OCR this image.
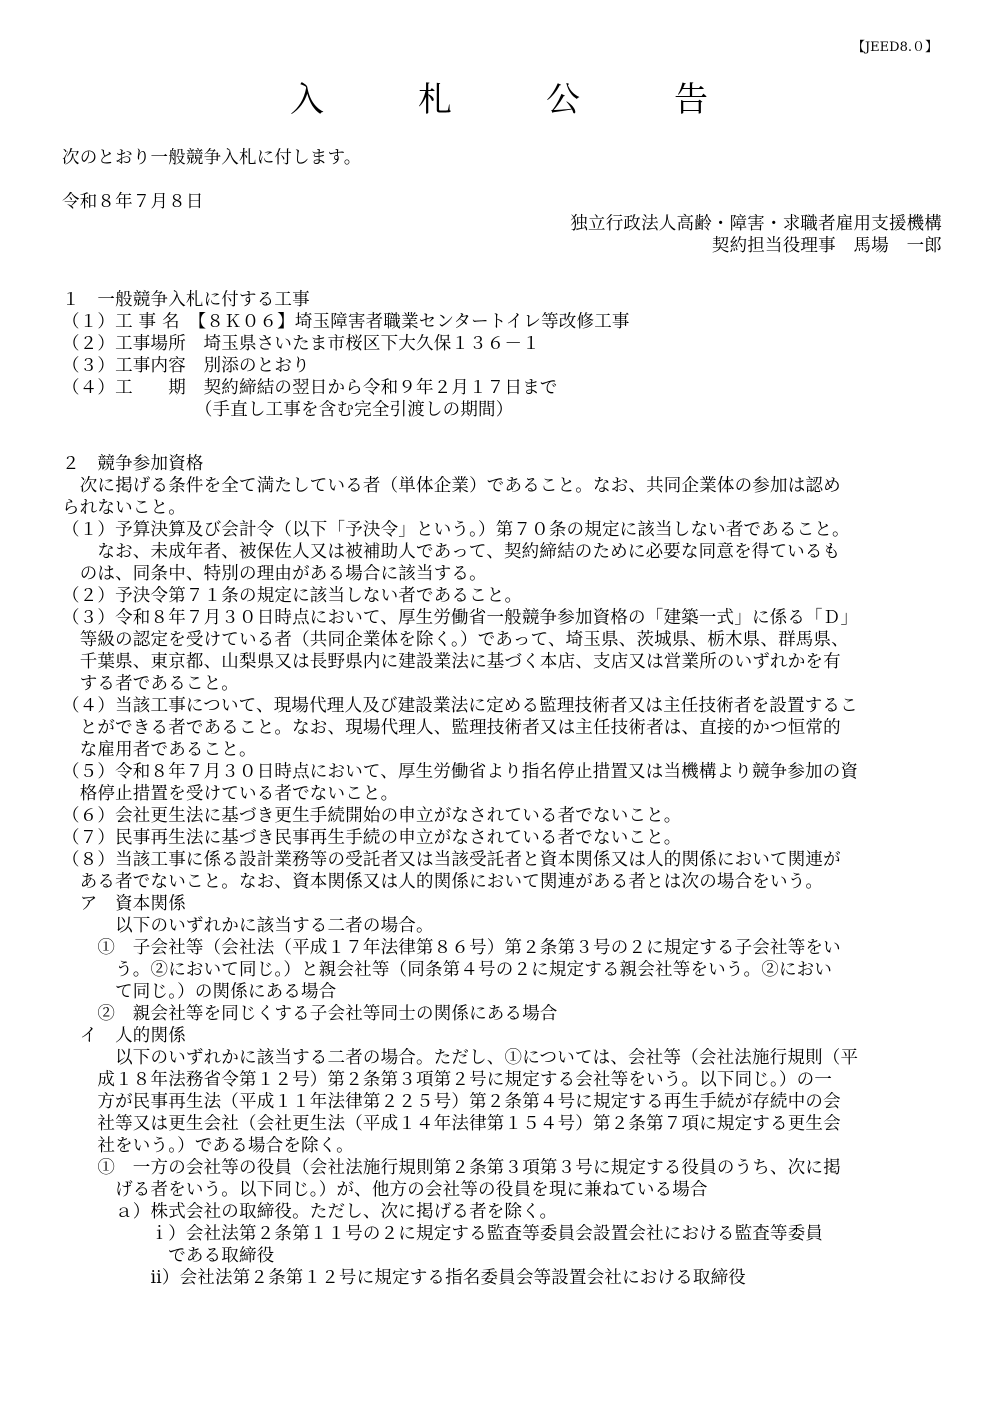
【JEED8.０】
入　札　公　告
次のとおり一般競争入札に付します。
令和８年７月８日
独立行政法人高齢・障害・求職者雇用支援機構
契約担当役理事　馬場　一郎
１　一般競争入札に付する工事
（１）工 事 名　【８Ｋ０６】埼玉障害者職業センタートイレ等改修工事
（２）工事場所　埼玉県さいたま市桜区下大久保１３６－１
（３）工事内容　別添のとおり
（４）工　　期　契約締結の翌日から令和９年２月１７日まで
　　　　　　　　（手直し工事を含む完全引渡しの期間）
２　競争参加資格
　次に掲げる条件を全て満たしている者（単体企業）であること。なお、共同企業体の参加は認め
られないこと。
（１）予算決算及び会計令（以下「予決令」という。）第７０条の規定に該当しない者であること。
　　なお、未成年者、被保佐人又は被補助人であって、契約締結のために必要な同意を得ているも
　のは、同条中、特別の理由がある場合に該当する。
（２）予決令第７１条の規定に該当しない者であること。
（３）令和８年７月３０日時点において、厚生労働省一般競争参加資格の「建築一式」に係る「Ｄ」
　等級の認定を受けている者（共同企業体を除く。）であって、埼玉県、茨城県、栃木県、群馬県、
　千葉県、東京都、山梨県又は長野県内に建設業法に基づく本店、支店又は営業所のいずれかを有
　する者であること。
（４）当該工事について、現場代理人及び建設業法に定める監理技術者又は主任技術者を設置するこ
　とができる者であること。なお、現場代理人、監理技術者又は主任技術者は、直接的かつ恒常的
　な雇用者であること。
（５）令和８年７月３０日時点において、厚生労働省より指名停止措置又は当機構より競争参加の資
　格停止措置を受けている者でないこと。
（６）会社更生法に基づき更生手続開始の申立がなされている者でないこと。
（７）民事再生法に基づき民事再生手続の申立がなされている者でないこと。
（８）当該工事に係る設計業務等の受託者又は当該受託者と資本関係又は人的関係において関連が
　ある者でないこと。なお、資本関係又は人的関係において関連がある者とは次の場合をいう。
　ア　資本関係
　　　以下のいずれかに該当する二者の場合。
　　①　子会社等（会社法（平成１７年法律第８６号）第２条第３号の２に規定する子会社等をい
　　　う。②において同じ。）と親会社等（同条第４号の２に規定する親会社等をいう。②におい
　　　て同じ。）の関係にある場合
　　②　親会社等を同じくする子会社等同士の関係にある場合
　イ　人的関係
　　　以下のいずれかに該当する二者の場合。ただし、①については、会社等（会社法施行規則（平
　　成１８年法務省令第１２号）第２条第３項第２号に規定する会社等をいう。以下同じ。）の一
　　方が民事再生法（平成１１年法律第２２５号）第２条第４号に規定する再生手続が存続中の会
　　社等又は更生会社（会社更生法（平成１４年法律第１５４号）第２条第７項に規定する更生会
　　社をいう。）である場合を除く。
　　①　一方の会社等の役員（会社法施行規則第２条第３項第３号に規定する役員のうち、次に掲
　　　げる者をいう。以下同じ。）が、他方の会社等の役員を現に兼ねている場合
　　　ａ）株式会社の取締役。ただし、次に掲げる者を除く。
　　　　　ｉ）会社法第２条第１１号の２に規定する監査等委員会設置会社における監査等委員
　　　　　　である取締役
　　　　　ⅱ）会社法第２条第１２号に規定する指名委員会等設置会社における取締役
